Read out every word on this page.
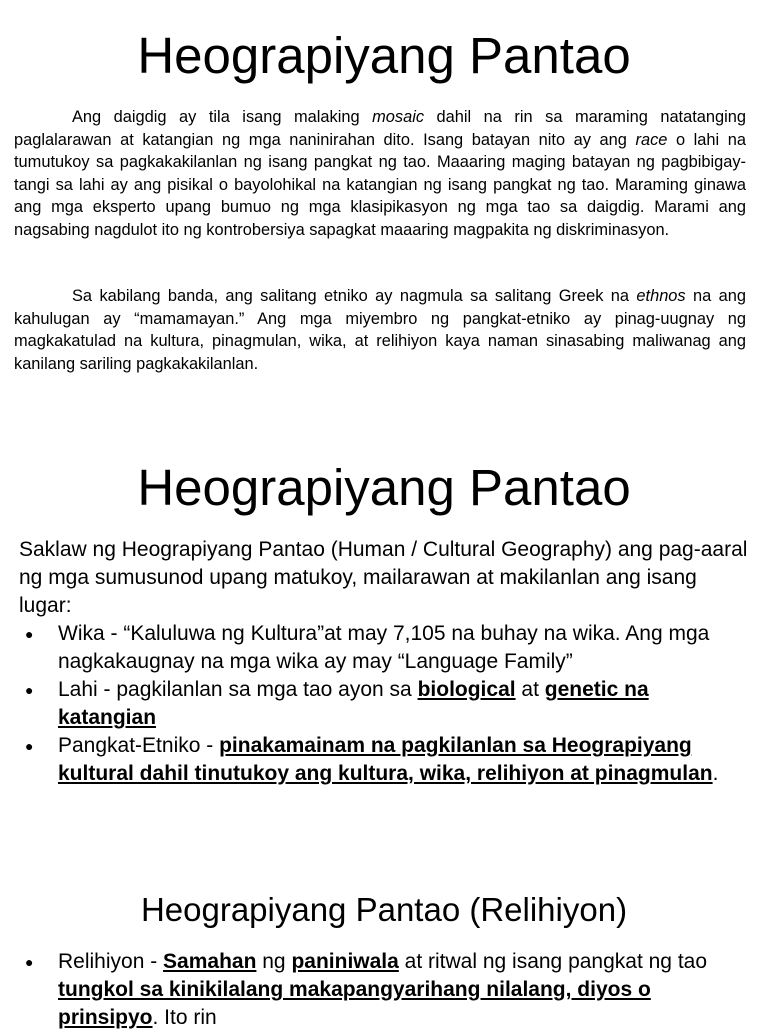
Heograpiyang Pantao

Ang daigdig ay tila isang malaking mosaic dahil na rin sa maraming natatanging paglalarawan at katangian ng mga naninirahan dito. Isang batayan nito ay ang race o lahi na tumutukoy sa pagkakakilanlan ng isang pangkat ng tao. Maaaring maging batayan ng pagbibigay-tangi sa lahi ay ang pisikal o bayolohikal na katangian ng isang pangkat ng tao. Maraming ginawa ang mga eksperto upang bumuo ng mga klasipikasyon ng mga tao sa daigdig. Marami ang nagsabing nagdulot ito ng kontrobersiya sapagkat maaaring magpakita ng diskriminasyon.

Sa kabilang banda, ang salitang etniko ay nagmula sa salitang Greek na ethnos na ang kahulugan ay “mamamayan.” Ang mga miyembro ng pangkat-etniko ay pinag-uugnay ng magkakatulad na kultura, pinagmulan, wika, at relihiyon kaya naman sinasabing maliwanag ang kanilang sariling pagkakakilanlan.

Heograpiyang Pantao

Saklaw ng Heograpiyang Pantao (Human / Cultural Geography) ang pag-aaral ng mga sumusunod upang matukoy, mailarawan at makilanlan ang isang lugar:

● Wika - “Kaluluwa ng Kultura”at may 7,105 na buhay na wika. Ang mga nagkakaugnay na mga wika ay may “Language Family”
● Lahi - pagkilanlan sa mga tao ayon sa biological at genetic na katangian
● Pangkat-Etniko - pinakamainam na pagkilanlan sa Heograpiyang kultural dahil tinutukoy ang kultura, wika, relihiyon at pinagmulan.
Heograpiyang Pantao (Relihiyon)
● Relihiyon - Samahan ng paniniwala at ritwal ng isang pangkat ng tao tungkol sa kinikilalang makapangyarihang nilalang, diyos o prinsipyo. Ito rin
